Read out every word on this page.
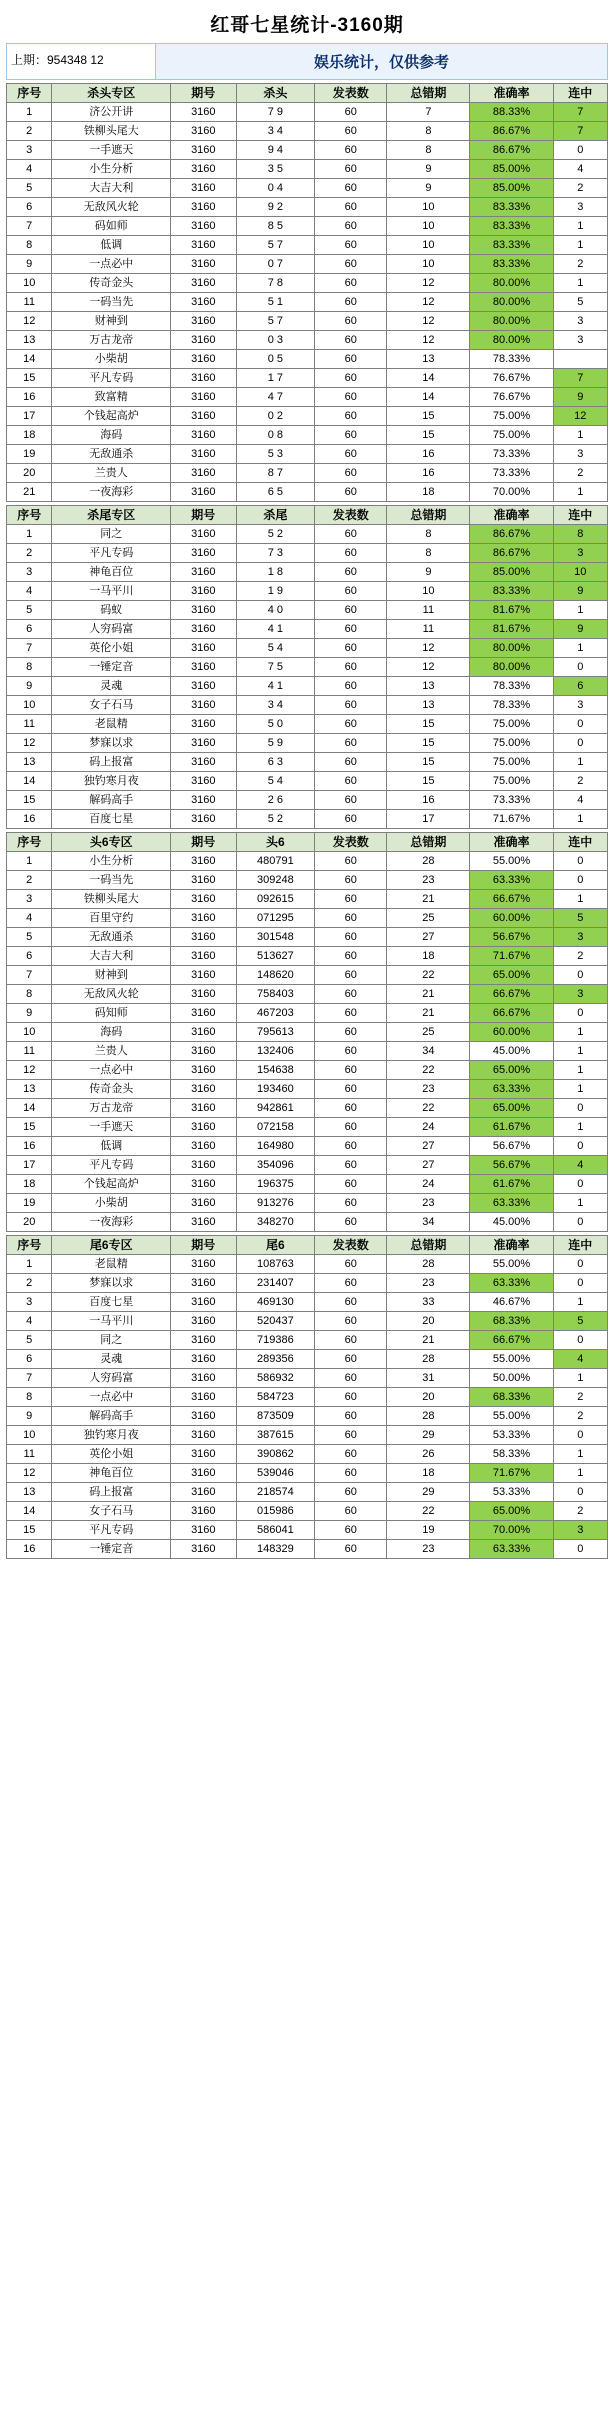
红哥七星统计-3160期
上期：954348 12	娱乐统计，仅供参考
序号	杀头专区	期号	杀头	发表数	总错期	准确率	连中
1	济公开讲	3160	7 9	60	7	88.33%	7
2	铁柳头尾大	3160	3 4	60	8	86.67%	7
3	一手遮天	3160	9 4	60	8	86.67%	0
4	小生分析	3160	3 5	60	9	85.00%	4
5	大吉大利	3160	0 4	60	9	85.00%	2
6	无敌风火轮	3160	9 2	60	10	83.33%	3
7	码如师	3160	8 5	60	10	83.33%	1
8	低调	3160	5 7	60	10	83.33%	1
9	一点必中	3160	0 7	60	10	83.33%	2
10	传奇金头	3160	7 8	60	12	80.00%	1
11	一码当先	3160	5 1	60	12	80.00%	5
12	财神到	3160	5 7	60	12	80.00%	3
13	万古龙帝	3160	0 3	60	12	80.00%	3
14	小柴胡	3160	0 5	60	13	78.33%	
15	平凡专码	3160	1 7	60	14	76.67%	7
16	致富精	3160	4 7	60	14	76.67%	9
17	个钱起高炉	3160	0 2	60	15	75.00%	12
18	海码	3160	0 8	60	15	75.00%	1
19	无敌通杀	3160	5 3	60	16	73.33%	3
20	兰贵人	3160	8 7	60	16	73.33%	2
21	一夜海彩	3160	6 5	60	18	70.00%	1
序号	杀尾专区	期号	杀尾	发表数	总错期	准确率	连中
1	同之	3160	5 2	60	8	86.67%	8
2	平凡专码	3160	7 3	60	8	86.67%	3
3	神龟百位	3160	1 8	60	9	85.00%	10
4	一马平川	3160	1 9	60	10	83.33%	9
5	码蚁	3160	4 0	60	11	81.67%	1
6	人穷码富	3160	4 1	60	11	81.67%	9
7	英伦小姐	3160	5 4	60	12	80.00%	1
8	一锤定音	3160	7 5	60	12	80.00%	0
9	灵魂	3160	4 1	60	13	78.33%	6
10	女子石马	3160	3 4	60	13	78.33%	3
11	老鼠精	3160	5 0	60	15	75.00%	0
12	梦寐以求	3160	5 9	60	15	75.00%	0
13	码上报富	3160	6 3	60	15	75.00%	1
14	独钓寒月夜	3160	5 4	60	15	75.00%	2
15	解码高手	3160	2 6	60	16	73.33%	4
16	百度七星	3160	5 2	60	17	71.67%	1
序号	头6专区	期号	头6	发表数	总错期	准确率	连中
1	小生分析	3160	480791	60	28	55.00%	0
2	一码当先	3160	309248	60	23	63.33%	0
3	铁柳头尾大	3160	092615	60	21	66.67%	1
4	百里守约	3160	071295	60	25	60.00%	5
5	无敌通杀	3160	301548	60	27	56.67%	3
6	大吉大利	3160	513627	60	18	71.67%	2
7	财神到	3160	148620	60	22	65.00%	0
8	无敌风火轮	3160	758403	60	21	66.67%	3
9	码知师	3160	467203	60	21	66.67%	0
10	海码	3160	795613	60	25	60.00%	1
11	兰贵人	3160	132406	60	34	45.00%	1
12	一点必中	3160	154638	60	22	65.00%	1
13	传奇金头	3160	193460	60	23	63.33%	1
14	万古龙帝	3160	942861	60	22	65.00%	0
15	一手遮天	3160	072158	60	24	61.67%	1
16	低调	3160	164980	60	27	56.67%	0
17	平凡专码	3160	354096	60	27	56.67%	4
18	个钱起高炉	3160	196375	60	24	61.67%	0
19	小柴胡	3160	913276	60	23	63.33%	1
20	一夜海彩	3160	348270	60	34	45.00%	0
序号	尾6专区	期号	尾6	发表数	总错期	准确率	连中
1	老鼠精	3160	108763	60	28	55.00%	0
2	梦寐以求	3160	231407	60	23	63.33%	0
3	百度七星	3160	469130	60	33	46.67%	1
4	一马平川	3160	520437	60	20	68.33%	5
5	同之	3160	719386	60	21	66.67%	0
6	灵魂	3160	289356	60	28	55.00%	4
7	人穷码富	3160	586932	60	31	50.00%	1
8	一点必中	3160	584723	60	20	68.33%	2
9	解码高手	3160	873509	60	28	55.00%	2
10	独钓寒月夜	3160	387615	60	29	53.33%	0
11	英伦小姐	3160	390862	60	26	58.33%	1
12	神龟百位	3160	539046	60	18	71.67%	1
13	码上报富	3160	218574	60	29	53.33%	0
14	女子石马	3160	015986	60	22	65.00%	2
15	平凡专码	3160	586041	60	19	70.00%	3
16	一锤定音	3160	148329	60	23	63.33%	0
